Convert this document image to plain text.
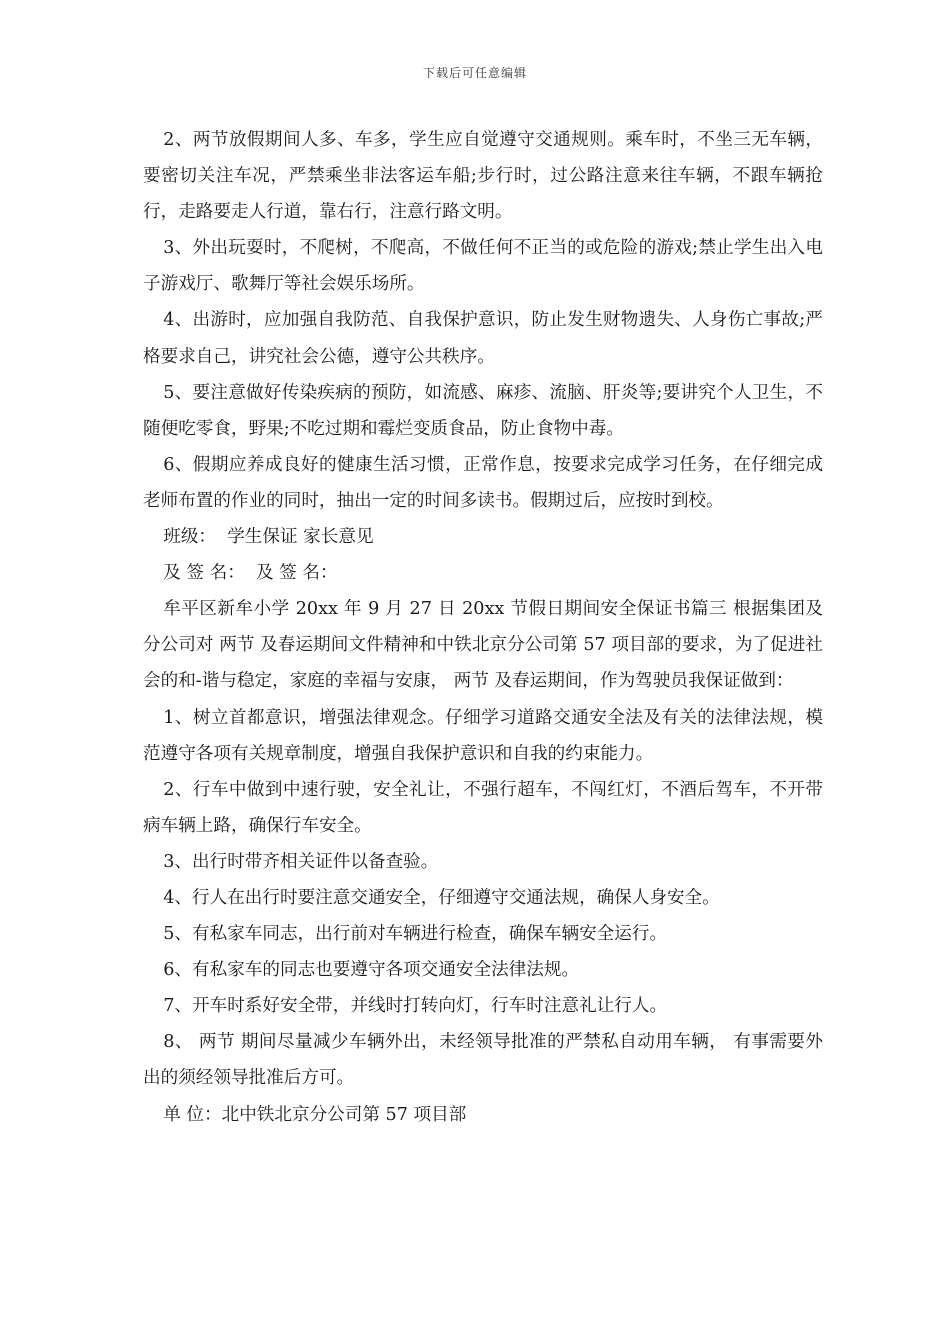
下载后可任意编辑

2、两节放假期间人多、车多，学生应自觉遵守交通规则。乘车时，不坐三无车辆，要密切关注车况，严禁乘坐非法客运车船;步行时，过公路注意来往车辆，不跟车辆抢行，走路要走人行道，靠右行，注意行路文明。

3、外出玩耍时，不爬树，不爬高，不做任何不正当的或危险的游戏;禁止学生出入电子游戏厅、歌舞厅等社会娱乐场所。

4、出游时，应加强自我防范、自我保护意识，防止发生财物遗失、人身伤亡事故;严格要求自己，讲究社会公德，遵守公共秩序。

5、要注意做好传染疾病的预防，如流感、麻疹、流脑、肝炎等;要讲究个人卫生，不随便吃零食，野果;不吃过期和霉烂变质食品，防止食物中毒。

6、假期应养成良好的健康生活习惯，正常作息，按要求完成学习任务，在仔细完成老师布置的作业的同时，抽出一定的时间多读书。假期过后，应按时到校。

班级：  学生保证 家长意见

及 签 名：  及 签 名：

牟平区新牟小学 20xx 年 9 月 27 日 20xx 节假日期间安全保证书篇三 根据集团及分公司对 两节 及春运期间文件精神和中铁北京分公司第 57 项目部的要求，为了促进社会的和-谐与稳定，家庭的幸福与安康， 两节 及春运期间，作为驾驶员我保证做到：

1、树立首都意识，增强法律观念。仔细学习道路交通安全法及有关的法律法规，模范遵守各项有关规章制度，增强自我保护意识和自我的约束能力。

2、行车中做到中速行驶，安全礼让，不强行超车，不闯红灯，不酒后驾车，不开带病车辆上路，确保行车安全。

3、出行时带齐相关证件以备查验。

4、行人在出行时要注意交通安全，仔细遵守交通法规，确保人身安全。

5、有私家车同志，出行前对车辆进行检查，确保车辆安全运行。

6、有私家车的同志也要遵守各项交通安全法律法规。

7、开车时系好安全带，并线时打转向灯，行车时注意礼让行人。

8、 两节 期间尽量减少车辆外出，未经领导批准的严禁私自动用车辆， 有事需要外出的须经领导批准后方可。

单 位：北中铁北京分公司第 57 项目部
